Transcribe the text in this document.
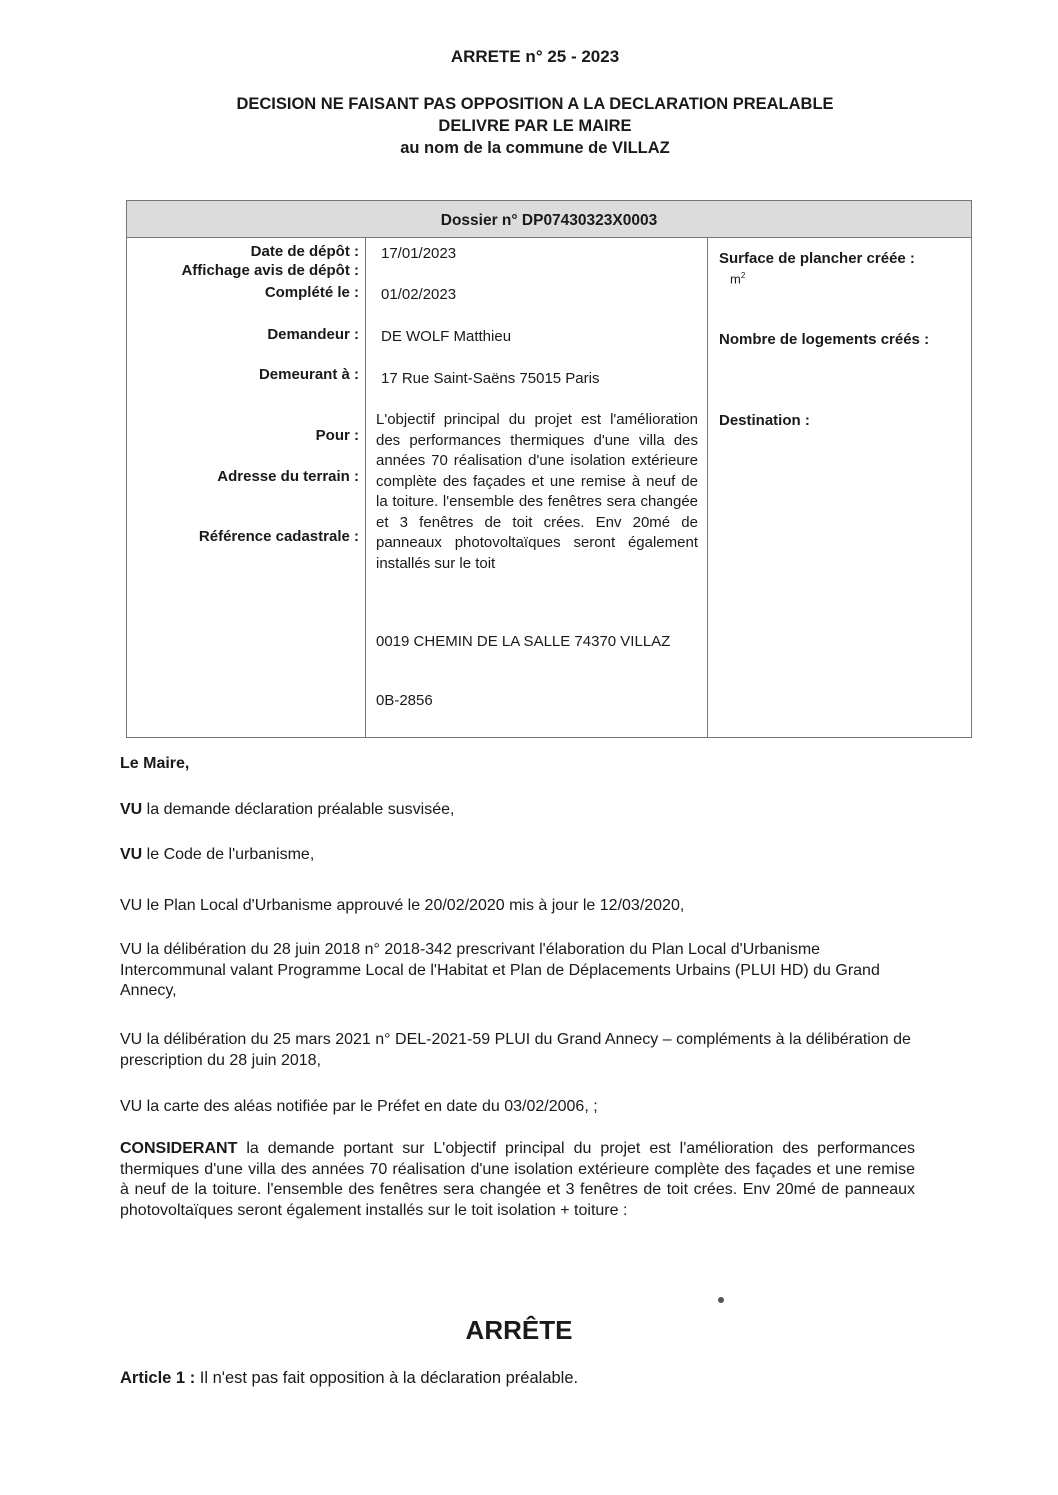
ARRETE n° 25 - 2023
DECISION NE FAISANT PAS OPPOSITION A LA DECLARATION PREALABLE
DELIVRE PAR LE MAIRE
au nom de la commune de VILLAZ
Dossier n° DP07430323X0003
Date de dépôt :
Affichage avis de dépôt :
Complété le :
Demandeur :
Demeurant à :
Pour :
Adresse du terrain :
Référence cadastrale :
17/01/2023
01/02/2023
DE WOLF Matthieu
17 Rue Saint-Saëns 75015 Paris
L'objectif principal du projet est l'amélioration des performances thermiques d'une villa des années 70 réalisation d'une isolation extérieure complète des façades et une remise à neuf de la toiture. l'ensemble des fenêtres sera changée et 3 fenêtres de toit crées. Env 20mé de panneaux photovoltaïques seront également installés sur le toit
0019 CHEMIN DE LA SALLE 74370 VILLAZ
0B-2856
Surface de plancher créée :
$m^2$
Nombre de logements créés :
Destination :
Le Maire,
VU la demande déclaration préalable susvisée,
VU le Code de l'urbanisme,
VU le Plan Local d'Urbanisme approuvé le 20/02/2020 mis à jour le 12/03/2020,
VU la délibération du 28 juin 2018 n° 2018-342 prescrivant l'élaboration du Plan Local d'Urbanisme Intercommunal valant Programme Local de l'Habitat et Plan de Déplacements Urbains (PLUI HD) du Grand Annecy,
VU la délibération du 25 mars 2021 n° DEL-2021-59 PLUI du Grand Annecy – compléments à la délibération de prescription du 28 juin 2018,
VU la carte des aléas notifiée par le Préfet en date du 03/02/2006, ;
CONSIDERANT la demande portant sur L'objectif principal du projet est l'amélioration des performances thermiques d'une villa des années 70 réalisation d'une isolation extérieure complète des façades et une remise à neuf de la toiture. l'ensemble des fenêtres sera changée et 3 fenêtres de toit crées. Env 20mé de panneaux photovoltaïques seront également installés sur le toit isolation + toiture :
ARRÊTE
Article 1 : Il n'est pas fait opposition à la déclaration préalable.
